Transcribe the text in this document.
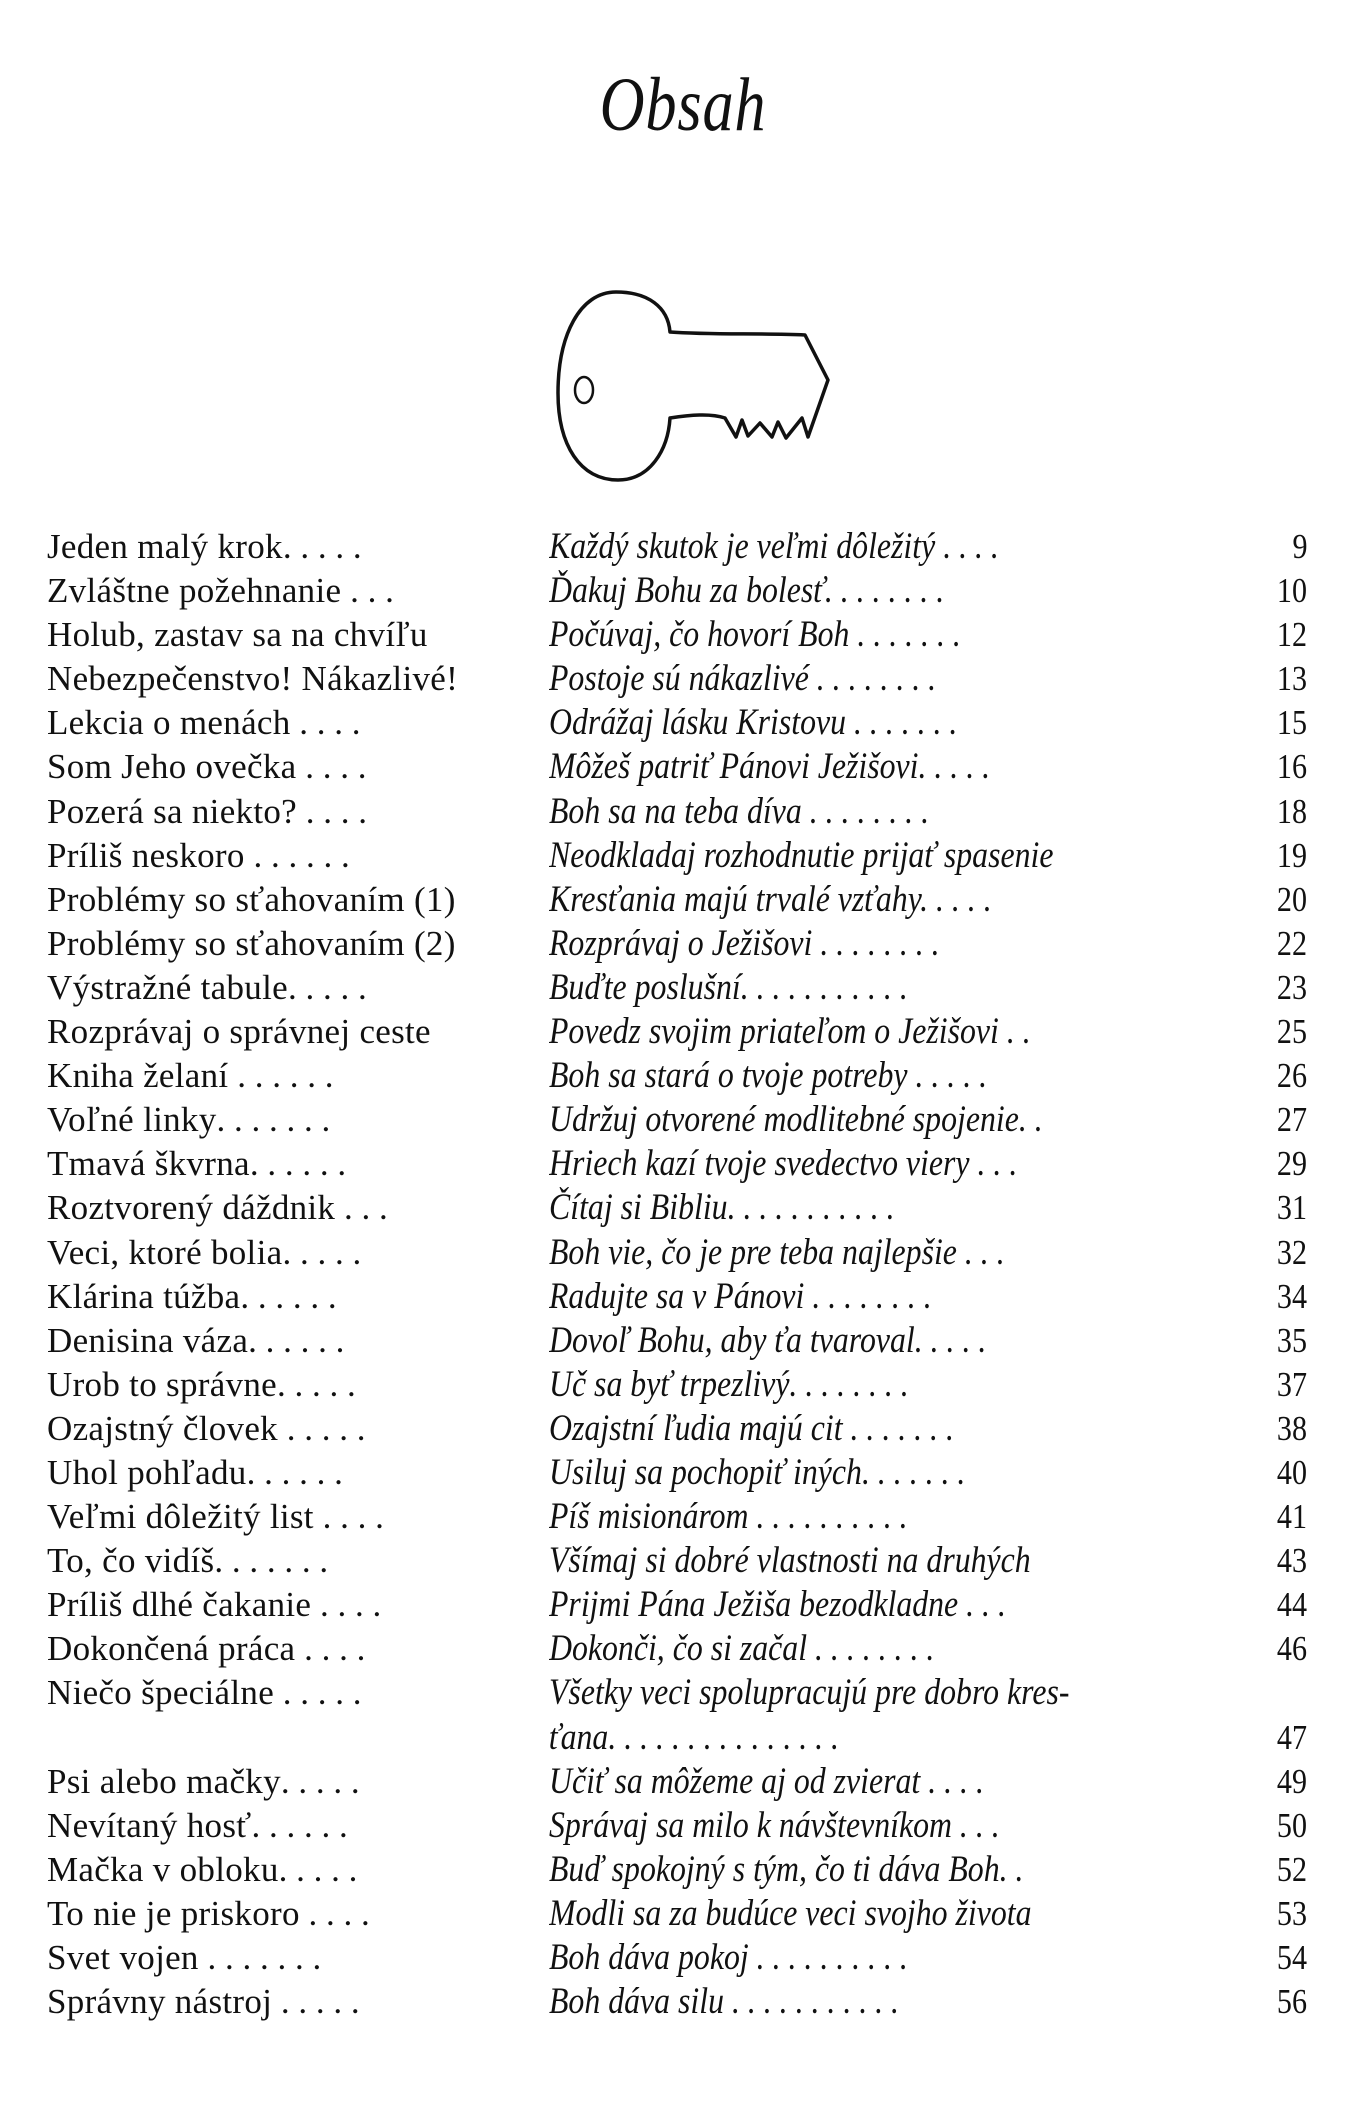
Obsah
Jeden malý krok. . . . .	Každý skutok je veľmi dôležitý . . . .	9
Zvláštne požehnanie . . .	Ďakuj Bohu za bolesť. . . . . . . .	10
Holub, zastav sa na chvíľu	Počúvaj, čo hovorí Boh . . . . . . .	12
Nebezpečenstvo! Nákazlivé!	Postoje sú nákazlivé . . . . . . . .	13
Lekcia o menách . . . .	Odrážaj lásku Kristovu . . . . . . .	15
Som Jeho ovečka . . . .	Môžeš patriť Pánovi Ježišovi. . . . .	16
Pozerá sa niekto? . . . .	Boh sa na teba díva . . . . . . . .	18
Príliš neskoro . . . . . .	Neodkladaj rozhodnutie prijať spasenie	19
Problémy so sťahovaním (1)	Kresťania majú trvalé vzťahy. . . . .	20
Problémy so sťahovaním (2)	Rozprávaj o Ježišovi . . . . . . . .	22
Výstražné tabule. . . . .	Buďte poslušní. . . . . . . . . . .	23
Rozprávaj o správnej ceste	Povedz svojim priateľom o Ježišovi . .	25
Kniha želaní . . . . . .	Boh sa stará o tvoje potreby . . . . .	26
Voľné linky. . . . . . .	Udržuj otvorené modlitebné spojenie. .	27
Tmavá škvrna. . . . . .	Hriech kazí tvoje svedectvo viery . . .	29
Roztvorený dáždnik . . .	Čítaj si Bibliu. . . . . . . . . . .	31
Veci, ktoré bolia. . . . .	Boh vie, čo je pre teba najlepšie . . .	32
Klárina túžba. . . . . .	Radujte sa v Pánovi . . . . . . . .	34
Denisina váza. . . . . .	Dovoľ Bohu, aby ťa tvaroval. . . . .	35
Urob to správne. . . . .	Uč sa byť trpezlivý. . . . . . . .	37
Ozajstný človek . . . . .	Ozajstní ľudia majú cit . . . . . . .	38
Uhol pohľadu. . . . . .	Usiluj sa pochopiť iných. . . . . . .	40
Veľmi dôležitý list . . . .	Píš misionárom . . . . . . . . . .	41
To, čo vidíš. . . . . . .	Všímaj si dobré vlastnosti na druhých	43
Príliš dlhé čakanie . . . .	Prijmi Pána Ježiša bezodkladne . . .	44
Dokončená práca . . . .	Dokonči, čo si začal . . . . . . . .	46
Niečo špeciálne . . . . .	Všetky veci spolupracujú pre dobro kres-
ťana. . . . . . . . . . . . . . .	47
Psi alebo mačky. . . . .	Učiť sa môžeme aj od zvierat . . . .	49
Nevítaný hosť. . . . . .	Správaj sa milo k návštevníkom . . .	50
Mačka v obloku. . . . .	Buď spokojný s tým, čo ti dáva Boh. .	52
To nie je priskoro . . . .	Modli sa za budúce veci svojho života	53
Svet vojen . . . . . . .	Boh dáva pokoj . . . . . . . . . .	54
Správny nástroj . . . . .	Boh dáva silu . . . . . . . . . . .	56
